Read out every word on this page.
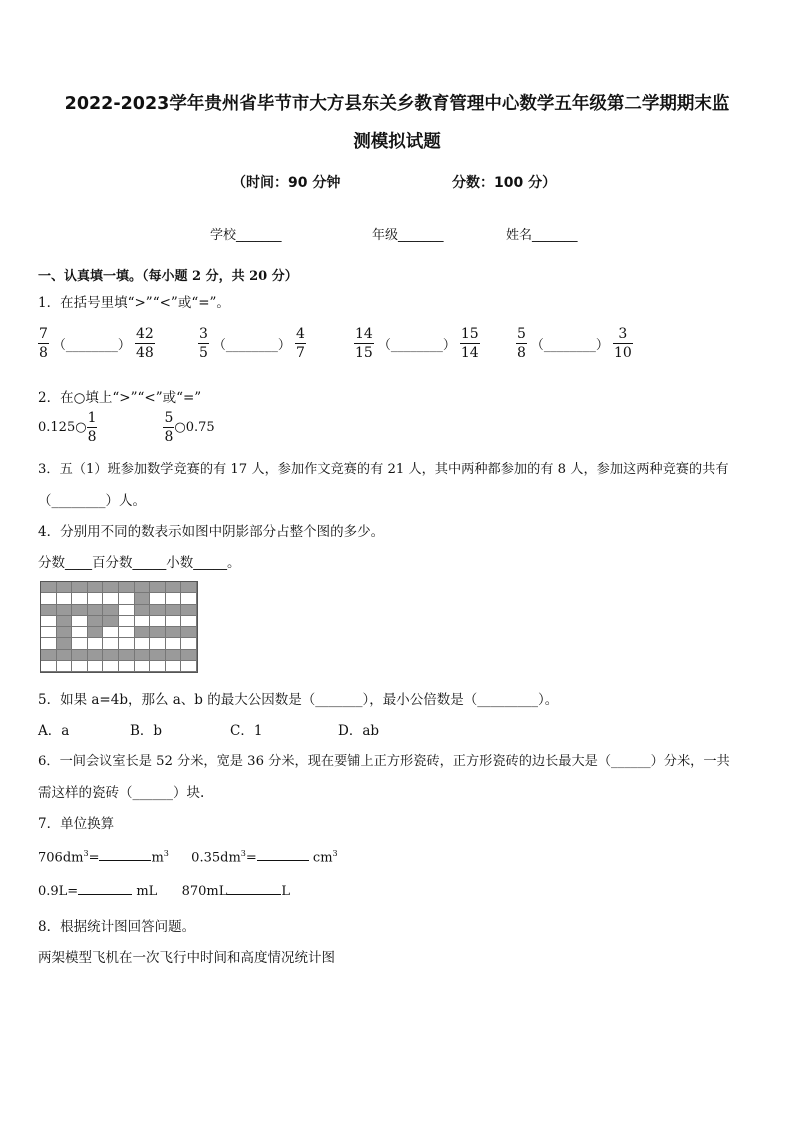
2022-2023学年贵州省毕节市大方县东关乡教育管理中心数学五年级第二学期期末监
测模拟试题
（时间：90 分钟	分数：100 分）
学校_______	年级_______	姓名_______
一、认真填一填。（每小题 2 分，共 20 分）
1．在括号里填“>”“<”或“=”。
$\frac{7}{8}$ （________） $\frac{42}{48}$	$\frac{3}{5}$ （________） $\frac{4}{7}$	$\frac{14}{15}$ （________） $\frac{15}{14}$	$\frac{5}{8}$ （________） $\frac{3}{10}$
2．在○填上“>”“<”或“=”
0.125○ $\frac{1}{8}$	$\frac{5}{8}$ ○0.75
3．五（1）班参加数学竞赛的有 17 人，参加作文竞赛的有 21 人，其中两种都参加的有 8 人，参加这两种竞赛的共有
（________）人。
4．分别用不同的数表示如图中阴影部分占整个图的多少。
分数____百分数_____小数_____。
5．如果 a=4b，那么 a、b 的最大公因数是（_______），最小公倍数是（_________）。
A．a	B．b	C．1	D．ab
6．一间会议室长是 52 分米，宽是 36 分米，现在要铺上正方形瓷砖，正方形瓷砖的边长最大是（______）分米，一共
需这样的瓷砖（______）块.
7．单位换算
$706dm^3=$	$m^3$ $0.35dm^3=$	$cm^3$
0.9L=	mL 870mL	L
8．根据统计图回答问题。
两架模型飞机在一次飞行中时间和高度情况统计图
